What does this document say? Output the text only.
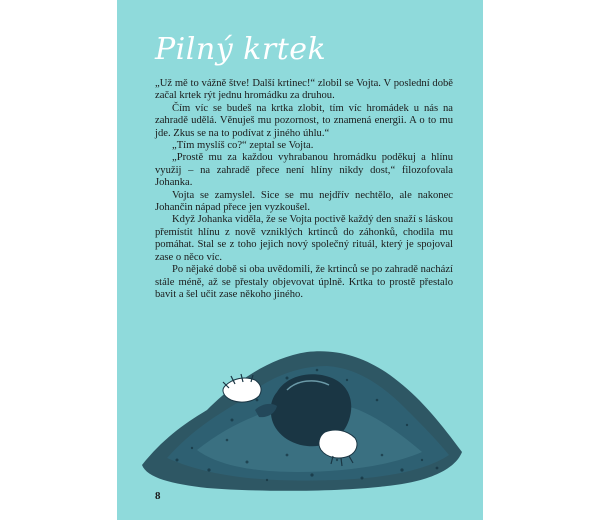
Pilný krtek

„Už mě to vážně štve! Další krtinec!“ zlobil se Vojta. V poslední době začal krtek rýt jednu hromádku za druhou.

Čím víc se budeš na krtka zlobit, tím víc hromádek u nás na zahradě udělá. Věnuješ mu pozornost, to znamená energii. A o to mu jde. Zkus se na to podívat z jiného úhlu.“

„Tím myslíš co?“ zeptal se Vojta.

„Prostě mu za každou vyhrabanou hromádku poděkuj a hlínu využij – na zahradě přece není hlíny nikdy dost,“ filozofovala Johanka.

Vojta se zamyslel. Sice se mu nejdřív nechtělo, ale nakonec Johančin nápad přece jen vyzkoušel.

Když Johanka viděla, že se Vojta poctivě každý den snaží s láskou přemístit hlínu z nově vzniklých krtinců do záhonků, chodila mu pomáhat. Stal se z toho jejich nový společný rituál, který je spojoval zase o něco víc.

Po nějaké době si oba uvědomili, že krtinců se po zahradě nachází stále méně, až se přestaly objevovat úplně. Krtka to prostě přestalo bavit a šel učit zase někoho jiného.

8
